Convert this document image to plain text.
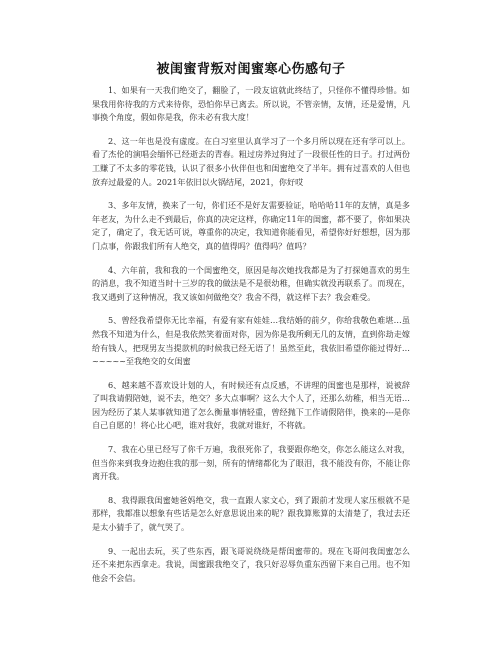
被闺蜜背叛对闺蜜寒心伤感句子

1、如果有一天我们绝交了，翻脸了，一段友谊就此终结了，只怪你不懂得珍惜。如果我用你待我的方式来待你，恐怕你早已离去。所以说，不管亲情，友情，还是爱情，凡事换个角度，假如你是我，你未必有我大度！

2、这一年也是没有虚度。在白习室里认真学习了一个多月所以现在还有学可以上。看了杰伦的演唱会缅怀已经逝去的青春。粗过房养过狗过了一段很任性的日子。打过两份工赚了不太多的零花钱，认识了很多小伙伴但也和闺蜜绝交了半年。拥有过喜欢的人但也放弃过最爱的人。2021年依旧以火锅结尾，2021，你好哎

3、多年友情，换来了一句，你们还不是好友需要验证，哈哈哈11年的友情，真是多年老友，为什么走不到最后，你真的决定这样，你确定11年的闺蜜，都不要了，你如果决定了，确定了，我无话可说，尊重你的决定，我知道你能看见，希望你好好想想，因为那门点事，你跟我们所有人绝交，真的值得吗？值得吗？值吗？

4、六年前，我和我的一个闺蜜绝交，原因是每次她找我都是为了打探她喜欢的男生的消息，我不知道当时十三岁的我的做法是不是很幼稚，但确实就没再联系了。而现在，我又遇到了这种情况，我又该如何做绝交？我舍不得，就这样下去？我会难受。

5、曾经我希望你无比幸福，有爱有家有娃娃…我结婚的前夕，你给我敬色难堪…虽然我不知道为什么，但是我依然笑着面对你，因为你是我所剩无几的友情，直到你劫走嫁给有钱人，把现男友当提款机的时候我已经无语了！虽然至此，我依旧希望你能过得好…~~~~~至我绝交的女闺蜜

6、越来越不喜欢设计划的人，有时候还有点反感，不讲理的闺蜜也是那样，说被辞了叫我请假陪她，说不去，绝交？多大点事啊？这么大个人了，还那么幼稚，相当无语…因为经历了某人某事就知道了怎么衡量事情轻重，曾经抛下工作请假陪伴，换来的---是你自己自愿的！将心比心吧，谁对我好，我就对谁好，不将就。

7、我在心里已经写了你千万遍，我很死你了，我要跟你绝交，你怎么能这么对我，但当你来到我身边抱住我的那一刻，所有的情绪都化为了眼泪，我不能没有你，不能让你离开我。

8、我得跟我闺蜜她爸妈绝交，我一直跟人家文心，到了跟前才发现人家压根就不是那样，我都准以想象有些话是怎么好意思说出来的呢？跟我算账算的太清楚了，我过去还是太小猜手了，就气哭了。

9、一起出去玩，买了些东西，跟飞哥说绕绕是帮闺蜜带的。现在飞哥问我闺蜜怎么还不来把东西拿走。我说，闺蜜跟我绝交了，我只好忍辱负重东西留下来自己用。也不知他会不会信。
